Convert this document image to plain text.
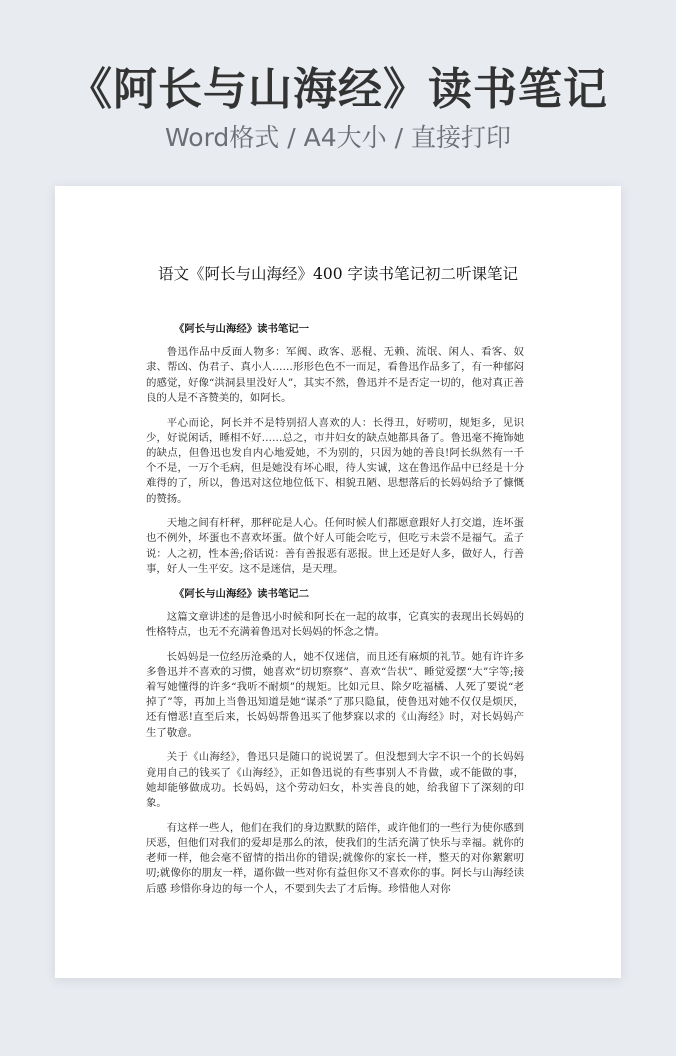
《阿长与山海经》读书笔记
Word格式 / A4大小 / 直接打印
语文《阿长与山海经》400 字读书笔记初二听课笔记
《阿长与山海经》读书笔记一

鲁迅作品中反面人物多：军阀、政客、恶棍、无赖、流氓、闲人、看客、奴隶、帮凶、伪君子、真小人……形形色色不一而足，看鲁迅作品多了，有一种郁闷的感觉，好像“洪洞县里没好人”，其实不然，鲁迅并不是否定一切的，他对真正善良的人是不吝赞美的，如阿长。

平心而论，阿长并不是特别招人喜欢的人：长得丑，好唠叨，规矩多，见识少，好说闲话，睡相不好……总之，市井妇女的缺点她都具备了。鲁迅毫不掩饰她的缺点，但鲁迅也发自内心地爱她，不为别的，只因为她的善良!阿长纵然有一千个不是，一万个毛病，但是她没有坏心眼，待人实诚，这在鲁迅作品中已经是十分难得的了，所以，鲁迅对这位地位低下、相貌丑陋、思想落后的长妈妈给予了慷慨的赞扬。

天地之间有杆秤，那秤砣是人心。任何时候人们都愿意跟好人打交道，连坏蛋也不例外，坏蛋也不喜欢坏蛋。做个好人可能会吃亏，但吃亏未尝不是福气。孟子说：人之初，性本善;俗话说：善有善报恶有恶报。世上还是好人多，做好人，行善事，好人一生平安。这不是迷信，是天理。

《阿长与山海经》读书笔记二

这篇文章讲述的是鲁迅小时候和阿长在一起的故事，它真实的表现出长妈妈的性格特点，也无不充满着鲁迅对长妈妈的怀念之情。

长妈妈是一位经历沧桑的人，她不仅迷信，而且还有麻烦的礼节。她有许许多多鲁迅并不喜欢的习惯，她喜欢“切切察察”、喜欢“告状”、睡觉爱摆“大”字等;接着写她懂得的许多“我听不耐烦”的规矩。比如元旦、除夕吃福橘、人死了要说“老掉了”等，再加上当鲁迅知道是她“谋杀”了那只隐鼠，使鲁迅对她不仅仅是烦厌，还有憎恶!直至后来，长妈妈帮鲁迅买了他梦寐以求的《山海经》时，对长妈妈产生了敬意。

关于《山海经》，鲁迅只是随口的说说罢了。但没想到大字不识一个的长妈妈竟用自己的钱买了《山海经》，正如鲁迅说的有些事别人不肯做，或不能做的事，她却能够做成功。长妈妈，这个劳动妇女，朴实善良的她，给我留下了深刻的印象。

有这样一些人，他们在我们的身边默默的陪伴，或许他们的一些行为使你感到厌恶，但他们对我们的爱却是那么的浓，使我们的生活充满了快乐与幸福。就你的老师一样，他会毫不留情的指出你的错误;就像你的家长一样，整天的对你絮絮叨叨;就像你的朋友一样，逼你做一些对你有益但你又不喜欢你的事。阿长与山海经读后感 珍惜你身边的每一个人，不要到失去了才后悔。珍惜他人对你
